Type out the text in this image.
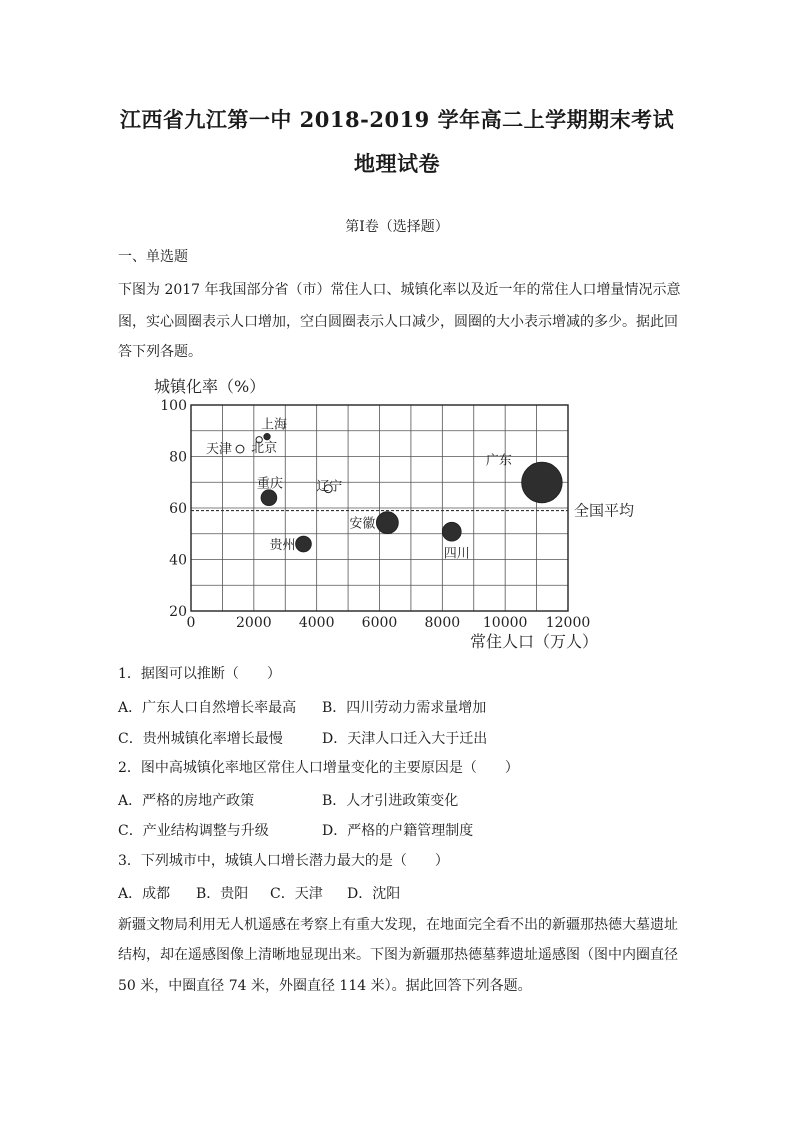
江西省九江第一中 2018-2019 学年高二上学期期末考试
地理试卷
第Ⅰ卷（选择题）
一、单选题
下图为 2017 年我国部分省（市）常住人口、城镇化率以及近一年的常住人口增量情况示意
图，实心圆圈表示人口增加，空白圆圈表示人口减少，圆圈的大小表示增减的多少。据此回
答下列各题。
20
40
60
80
100
0	2000 4000 6000 8000 10000 12000
城镇化率（%）
常住人口（万人）
全国平均
上海
北京
天津
重庆	辽宁
贵州
安徽
四川
广东
1．据图可以推断（　　）
A．广东人口自然增长率最高 B．四川劳动力需求量增加
C．贵州城镇化率增长最慢	D．天津人口迁入大于迁出
2．图中高城镇化率地区常住人口增量变化的主要原因是（　　）
A．严格的房地产政策	B．人才引进政策变化
C．产业结构调整与升级	D．严格的户籍管理制度
3．下列城市中，城镇人口增长潜力最大的是（　　）
A．成都 B．贵阳 C．天津 D．沈阳
新疆文物局利用无人机遥感在考察上有重大发现，在地面完全看不出的新疆那热德大墓遗址
结构，却在遥感图像上清晰地显现出来。下图为新疆那热德墓葬遗址遥感图（图中内圈直径
50 米，中圈直径 74 米，外圈直径 114 米）。据此回答下列各题。
